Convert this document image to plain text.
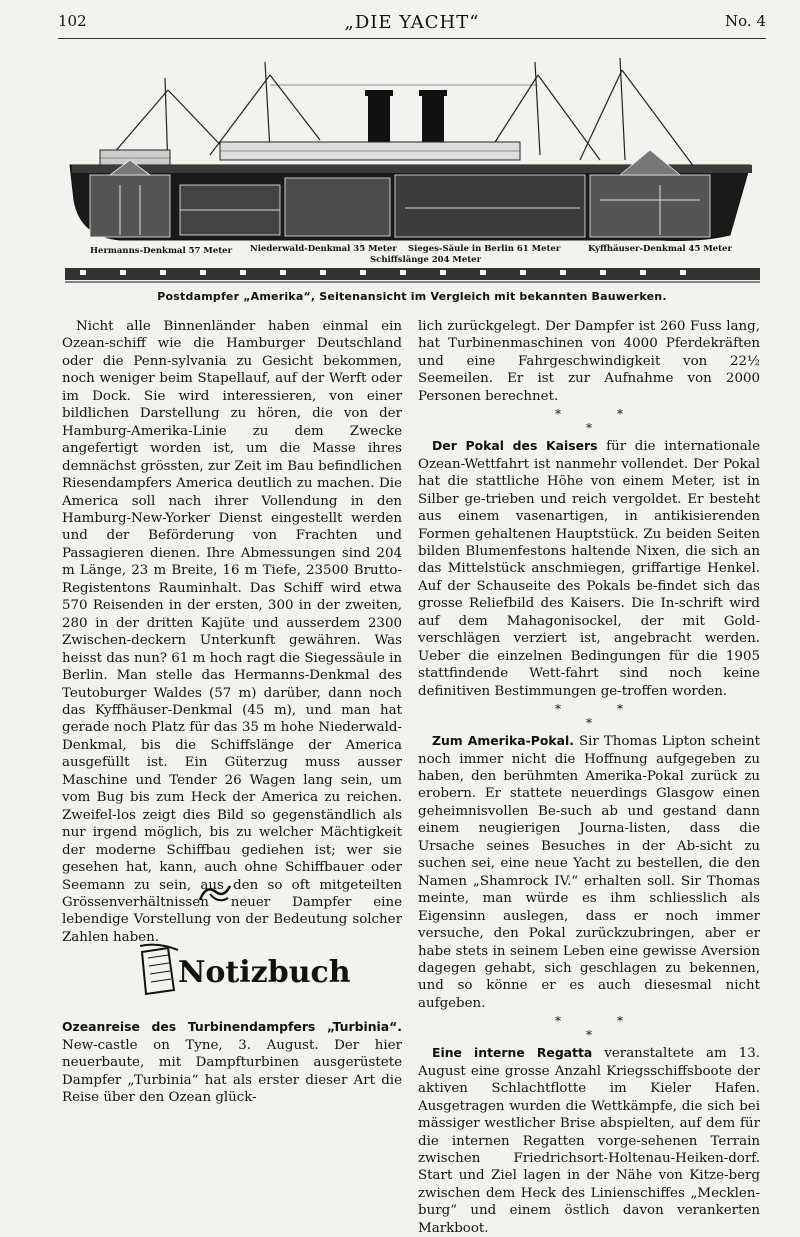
102	„DIE YACHT“	No. 4
Hermanns-Denkmal 57 Meter Niederwald-Denkmal 35 Meter Sieges-Säule in Berlin 61 Meter
Schiffslänge 204 Meter
Kyffhäuser-Denkmal 45 Meter
Postdampfer „Amerika“, Seitenansicht im Vergleich mit bekannten Bauwerken.

Nicht alle Binnenländer haben einmal ein Ozean-schiff wie die Hamburger Deutschland oder die Penn-sylvania zu Gesicht bekommen, noch weniger beim Stapellauf, auf der Werft oder im Dock. Sie wird interessieren, von einer bildlichen Darstellung zu hören, die von der Hamburg-Amerika-Linie zu dem Zwecke angefertigt worden ist, um die Masse ihres demnächst grössten, zur Zeit im Bau befindlichen Riesendampfers America deutlich zu machen. Die America soll nach ihrer Vollendung in den Hamburg-New-Yorker Dienst eingestellt werden und der Beförderung von Frachten und Passagieren dienen. Ihre Abmessungen sind 204 m Länge, 23 m Breite, 16 m Tiefe, 23500 Brutto-Registentons Rauminhalt. Das Schiff wird etwa 570 Reisenden in der ersten, 300 in der zweiten, 280 in der dritten Kajüte und ausserdem 2300 Zwischen-deckern Unterkunft gewähren. Was heisst das nun? 61 m hoch ragt die Siegessäule in Berlin. Man stelle das Hermanns-Denkmal des Teutoburger Waldes (57 m) darüber, dann noch das Kyffhäuser-Denkmal (45 m), und man hat gerade noch Platz für das 35 m hohe Niederwald-Denkmal, bis die Schiffslänge der America ausgefüllt ist. Ein Güterzug muss ausser Maschine und Tender 26 Wagen lang sein, um vom Bug bis zum Heck der America zu reichen. Zweifel-los zeigt dies Bild so gegenständlich als nur irgend möglich, bis zu welcher Mächtigkeit der moderne Schiffbau gediehen ist; wer sie gesehen hat, kann, auch ohne Schiffbauer oder Seemann zu sein, aus den so oft mitgeteilten Grössenverhältnissen neuer Dampfer eine lebendige Vorstellung von der Bedeutung solcher Zahlen haben.

Notizbuch

Ozeanreise des Turbinendampfers „Turbinia“. New-castle on Tyne, 3. August. Der hier neuerbaute, mit Dampfturbinen ausgerüstete Dampfer „Turbinia“ hat als erster dieser Art die Reise über den Ozean glück-

lich zurückgelegt. Der Dampfer ist 260 Fuss lang, hat Turbinenmaschinen von 4000 Pferdekräften und eine Fahrgeschwindigkeit von 22½ Seemeilen. Er ist zur Aufnahme von 2000 Personen berechnet.

*	*
*

Der Pokal des Kaisers für die internationale Ozean-Wettfahrt ist nanmehr vollendet. Der Pokal hat die stattliche Höhe von einem Meter, ist in Silber ge-trieben und reich vergoldet. Er besteht aus einem vasenartigen, in antikisierenden Formen gehaltenen Hauptstück. Zu beiden Seiten bilden Blumenfestons haltende Nixen, die sich an das Mittelstück anschmiegen, griffartige Henkel. Auf der Schauseite des Pokals be-findet sich das grosse Reliefbild des Kaisers. Die In-schrift wird auf dem Mahagonisockel, der mit Gold-verschlägen verziert ist, angebracht werden. Ueber die einzelnen Bedingungen für die 1905 stattfindende Wett-fahrt sind noch keine definitiven Bestimmungen ge-troffen worden.

*	*
*

Zum Amerika-Pokal. Sir Thomas Lipton scheint noch immer nicht die Hoffnung aufgegeben zu haben, den berühmten Amerika-Pokal zurück zu erobern. Er stattete neuerdings Glasgow einen geheimnisvollen Be-such ab und gestand dann einem neugierigen Journa-listen, dass die Ursache seines Besuches in der Ab-sicht zu suchen sei, eine neue Yacht zu bestellen, die den Namen „Shamrock IV.“ erhalten soll. Sir Thomas meinte, man würde es ihm schliesslich als Eigensinn auslegen, dass er noch immer versuche, den Pokal zurückzubringen, aber er habe stets in seinem Leben eine gewisse Aversion dagegen gehabt, sich geschlagen zu bekennen, und so könne er es auch diesesmal nicht aufgeben.

*	*
*

Eine interne Regatta veranstaltete am 13. August eine grosse Anzahl Kriegsschiffsboote der aktiven Schlachtflotte im Kieler Hafen. Ausgetragen wurden die Wettkämpfe, die sich bei mässiger westlicher Brise abspielten, auf dem für die internen Regatten vorge-sehenen Terrain zwischen Friedrichsort-Holtenau-Heiken-dorf. Start und Ziel lagen in der Nähe von Kitze-berg zwischen dem Heck des Linienschiffes „Mecklen-burg“ und einem östlich davon verankerten Markboot.
